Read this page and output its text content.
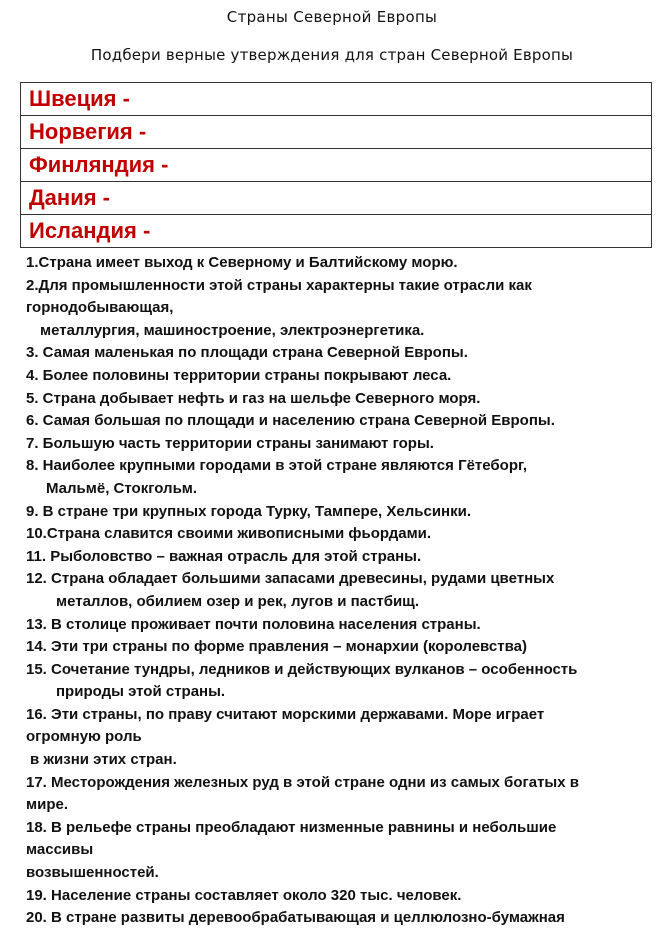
Страны Северной Европы
Подбери верные утверждения для стран Северной Европы
Швеция -
Норвегия -
Финляндия -
Дания -
Исландия -
1.Страна имеет выход к Северному и Балтийскому морю.
2.Для промышленности этой страны характерны такие отрасли как
горнодобывающая,
металлургия, машиностроение, электроэнергетика.
3. Самая маленькая по площади страна Северной Европы.
4. Более половины территории страны покрывают леса.
5. Страна добывает нефть и газ на шельфе Северного моря.
6. Самая большая по площади и населению страна Северной Европы.
7. Большую часть территории страны занимают горы.
8. Наиболее крупными городами в этой стране являются Гётеборг,
Мальмё, Стокгольм.
9. В стране три крупных города Турку, Тампере, Хельсинки.
10.Страна славится своими живописными фьордами.
11. Рыболовство – важная отрасль для этой страны.
12. Страна обладает большими запасами древесины, рудами цветных
металлов, обилием озер и рек, лугов и пастбищ.
13. В столице проживает почти половина населения страны.
14. Эти три страны по форме правления – монархии (королевства)
15. Сочетание тундры, ледников и действующих вулканов – особенность
природы этой страны.
16. Эти страны, по праву считают морскими державами. Море играет
огромную роль
в жизни этих стран.
17. Месторождения железных руд в этой стране одни из самых богатых в
мире.
18. В рельефе страны преобладают низменные равнины и небольшие
массивы
возвышенностей.
19. Население страны составляет около 320 тыс. человек.
20. В стране развиты деревообрабатывающая и целлюлозно-бумажная
